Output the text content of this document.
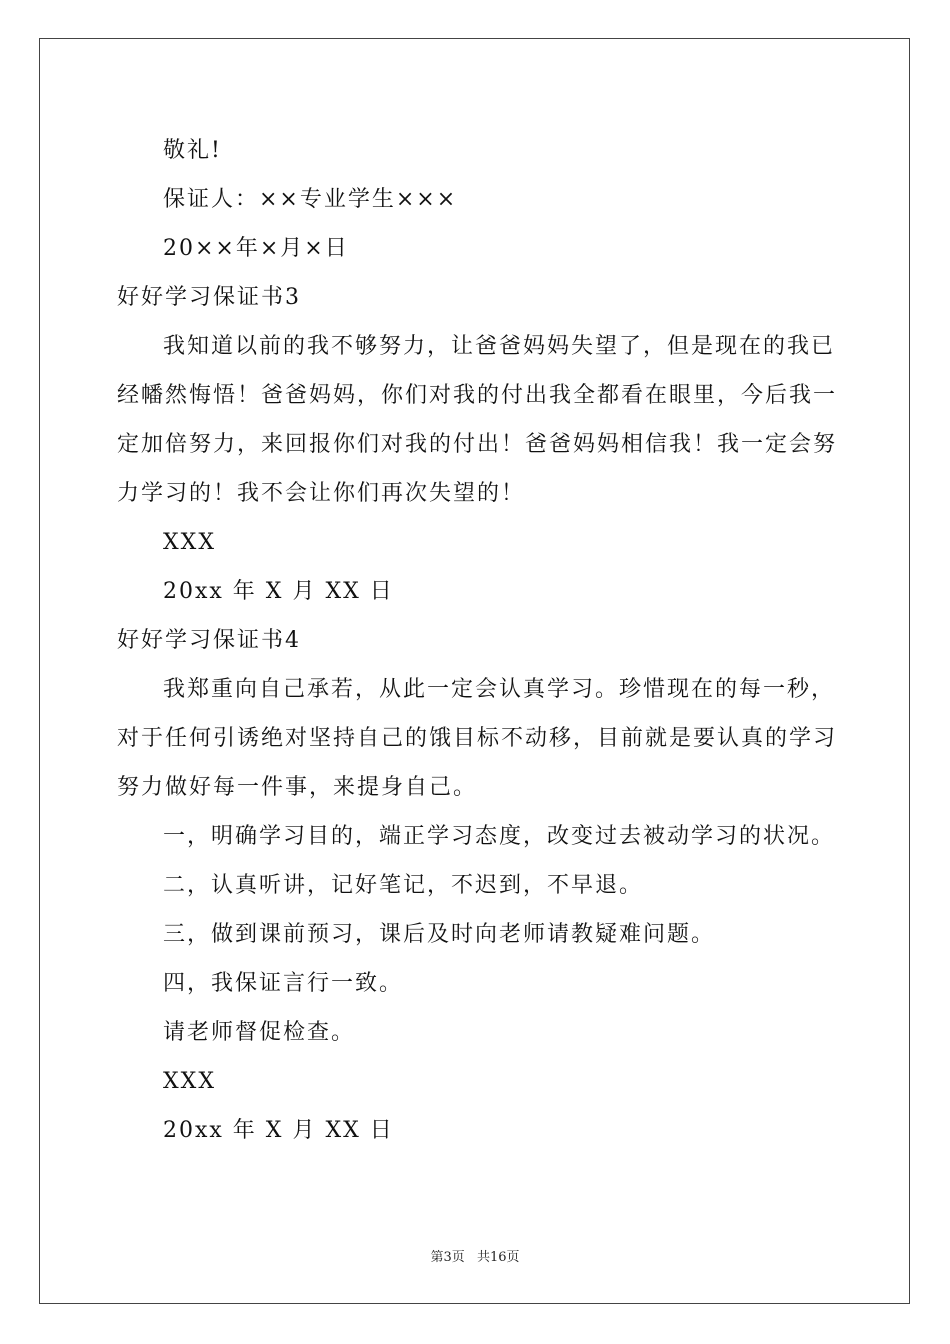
敬礼!
保证人：××专业学生×××
20××年×月×日
好好学习保证书3
我知道以前的我不够努力，让爸爸妈妈失望了，但是现在的我已
经幡然悔悟！爸爸妈妈，你们对我的付出我全都看在眼里，今后我一
定加倍努力，来回报你们对我的付出！爸爸妈妈相信我！我一定会努
力学习的！我不会让你们再次失望的！
XXX
20xx 年 X 月 XX 日
好好学习保证书4
我郑重向自己承若，从此一定会认真学习。珍惜现在的每一秒，
对于任何引诱绝对坚持自己的饿目标不动移，目前就是要认真的学习
努力做好每一件事，来提身自己。
一，明确学习目的，端正学习态度，改变过去被动学习的状况。
二，认真听讲，记好笔记，不迟到，不早退。
三，做到课前预习，课后及时向老师请教疑难问题。
四，我保证言行一致。
请老师督促检查。
XXX
20xx 年 X 月 XX 日
第3页 共16页
